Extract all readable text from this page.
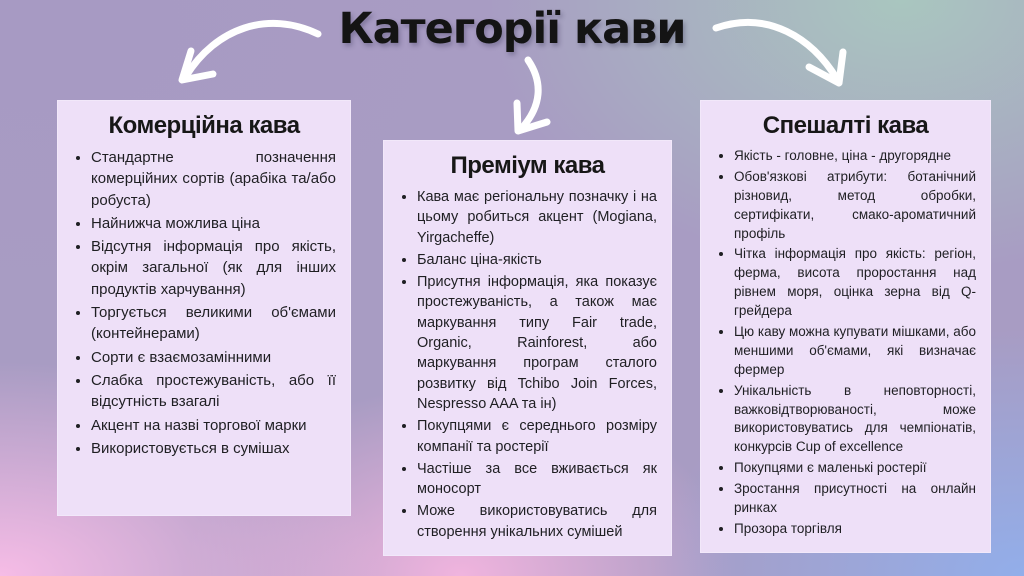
Категорії кави
Комерційна кава
• Стандартне позначення комерційних сортів (арабіка та/або робуста)
• Найнижча можлива ціна
• Відсутня інформація про якість, окрім загальної (як для інших продуктів харчування)
• Торгується великими об'ємами (контейнерами)
• Сорти є взаємозамінними
• Слабка простежуваність, або її відсутність взагалі
• Акцент на назві торгової марки
• Використовується в сумішах
Преміум кава
• Кава має регіональну позначку і на цьому робиться акцент (Mogiana, Yirgacheffe)
• Баланс ціна-якість
• Присутня інформація, яка показує простежуваність, а також має маркування типу Fair trade, Organic, Rainforest, або маркування програм сталого розвитку від Tchibo Join Forces, Nespresso AAA та ін)
• Покупцями є середнього розміру компанії та ростерії
• Частіше за все вживається як моносорт
• Може використовуватись для створення унікальних сумішей
Спешалті кава
• Якість - головне, ціна - другорядне
• Обов'язкові атрибути: ботанічний різновид, метод обробки, сертифікати, смако-ароматичний профіль
• Чітка інформація про якість: регіон, ферма, висота проростання над рівнем моря, оцінка зерна від Q-грейдера
• Цю каву можна купувати мішками, або меншими об'ємами, які визначає фермер
• Унікальність в неповторності, важковідтворюваності, може використовуватись для чемпіонатів, конкурсів Cup of excellence
• Покупцями є маленькі ростерії
• Зростання присутності на онлайн ринках
• Прозора торгівля
